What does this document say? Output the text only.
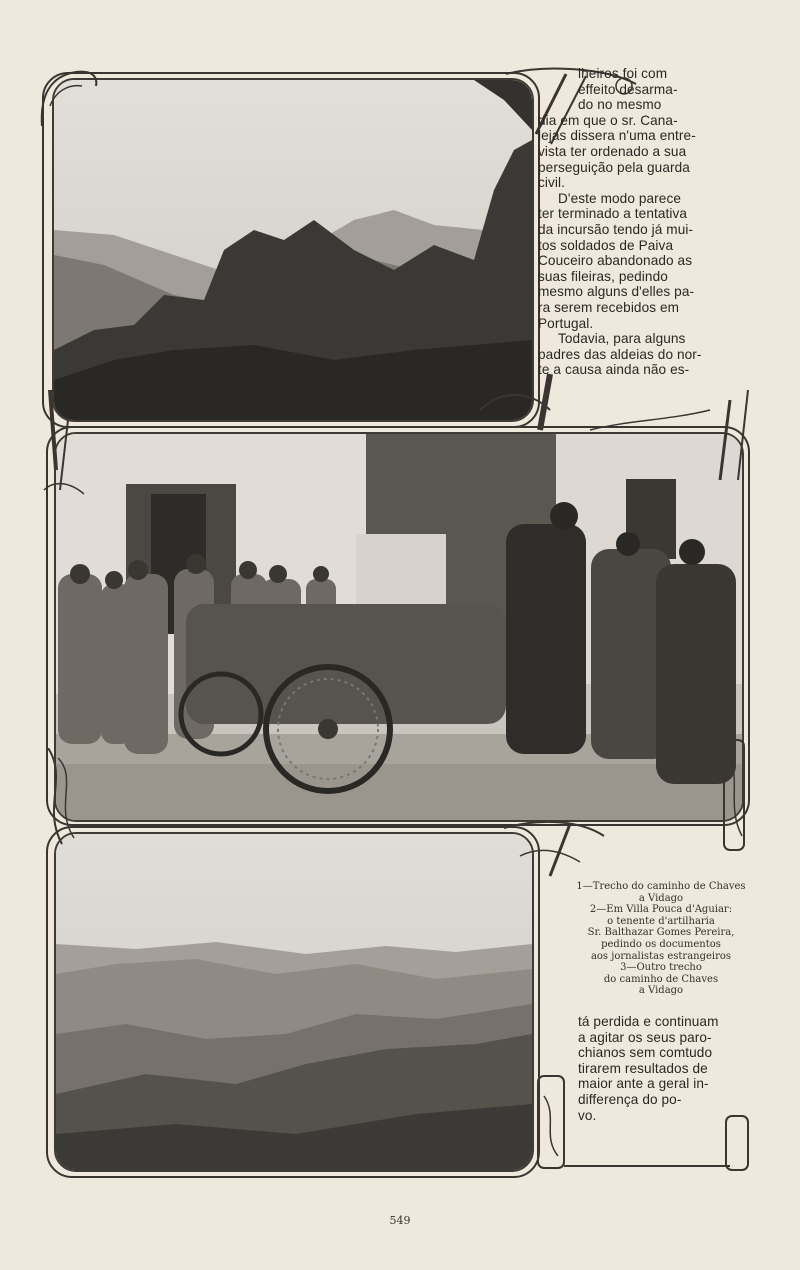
lheiros foi com
effeito desarma-
do no mesmo

dia em que o sr. Cana-
lejas dissera n'uma entre-
vista ter ordenado a sua
perseguição pela guarda
civil.

D'este modo parece
ter terminado a tentativa
da incursão tendo já mui-
tos soldados de Paiva
Couceiro abandonado as
suas fileiras, pedindo
mesmo alguns d'elles pa-
ra serem recebidos em
Portugal.

Todavia, para alguns
padres das aldeias do nor-
te a causa ainda não es-

1—Trecho do caminho de Chaves
a Vidago
2—Em Villa Pouca d'Aguiar:
o tenente d'artilharia
Sr. Balthazar Gomes Pereira,
pedindo os documentos
aos jornalistas estrangeiros
3—Outro trecho
do caminho de Chaves
a Vidago
tá perdida e continuam
a agitar os seus paro-
chianos sem comtudo
tirarem resultados de
maior ante a geral in-
differença do po-
vo.
549
